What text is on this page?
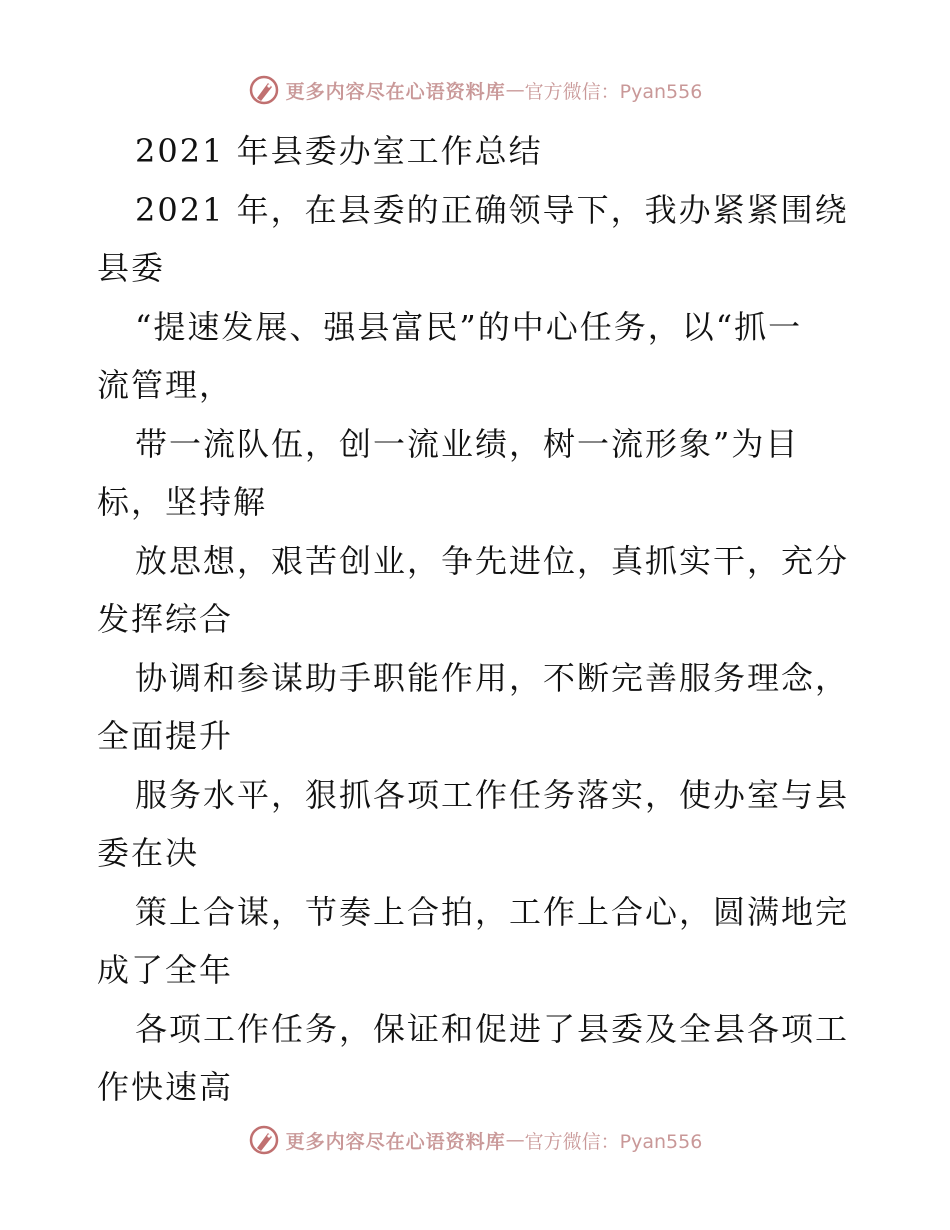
更多内容尽在心语资料库 — 官方微信：Pyan556
2021 年县委办室工作总结
2021 年，在县委的正确领导下，我办紧紧围绕
县委
“提速发展、强县富民”的中心任务，以“抓一
流管理，
带一流队伍，创一流业绩，树一流形象”为目
标，坚持解
放思想，艰苦创业，争先进位，真抓实干，充分
发挥综合
协调和参谋助手职能作用，不断完善服务理念，
全面提升
服务水平，狠抓各项工作任务落实，使办室与县
委在决
策上合谋，节奏上合拍，工作上合心，圆满地完
成了全年
各项工作任务，保证和促进了县委及全县各项工
作快速高
更多内容尽在心语资料库 — 官方微信：Pyan556
